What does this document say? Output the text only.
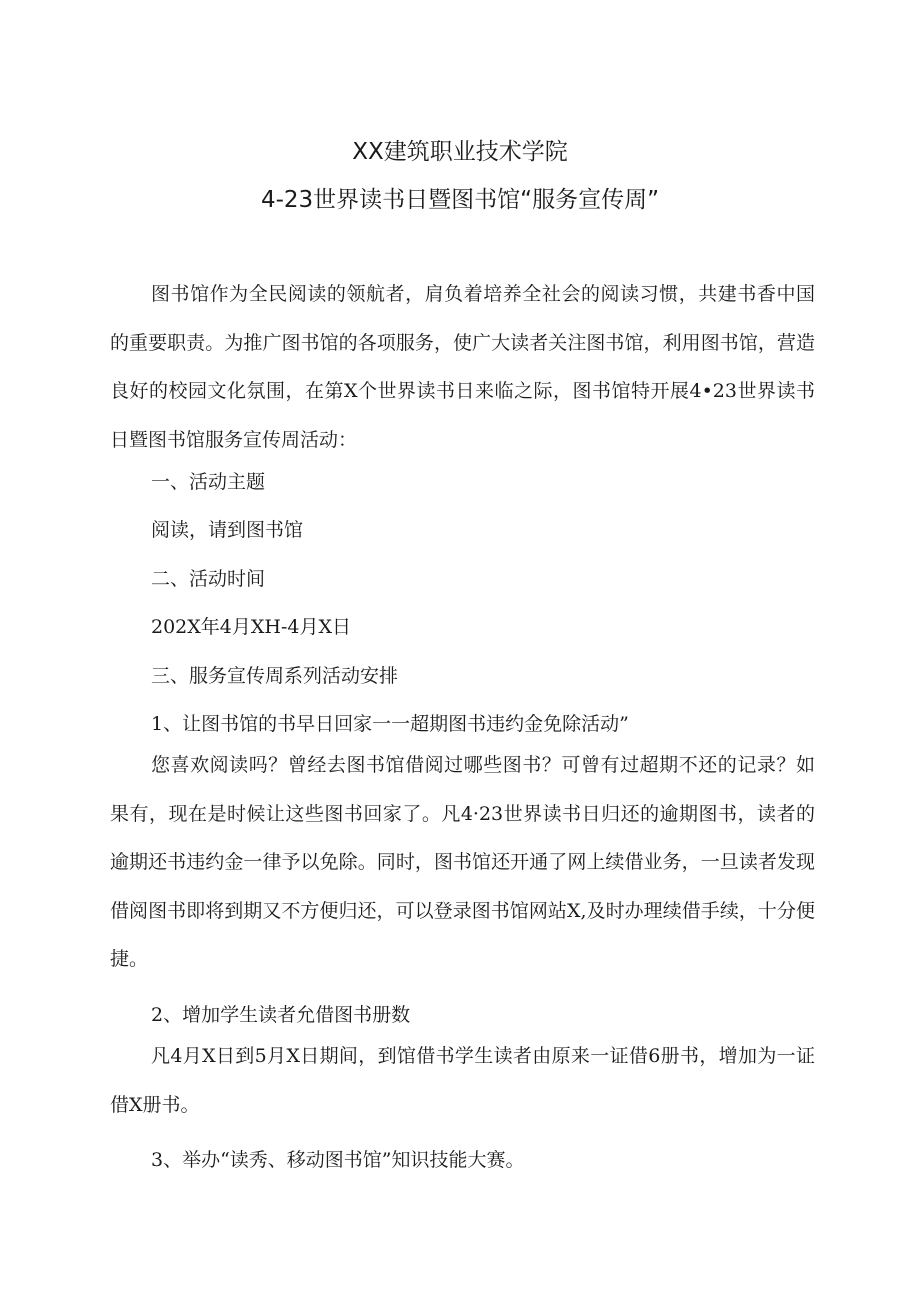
XX建筑职业技术学院
4-23世界读书日暨图书馆“服务宣传周”

图书馆作为全民阅读的领航者，肩负着培养全社会的阅读习惯，共建书香中国的重要职责。为推广图书馆的各项服务，使广大读者关注图书馆，利用图书馆，营造良好的校园文化氛围，在第X个世界读书日来临之际，图书馆特开展4•23世界读书日暨图书馆服务宣传周活动：

一、活动主题
阅读，请到图书馆
二、活动时间
202X年4月XH-4月X日
三、服务宣传周系列活动安排
1、让图书馆的书早日回家一一超期图书违约金免除活动”

您喜欢阅读吗？曾经去图书馆借阅过哪些图书？可曾有过超期不还的记录？如果有，现在是时候让这些图书回家了。凡4·23世界读书日归还的逾期图书，读者的逾期还书违约金一律予以免除。同时，图书馆还开通了网上续借业务，一旦读者发现借阅图书即将到期又不方便归还，可以登录图书馆网站X,及时办理续借手续，十分便捷。

2、增加学生读者允借图书册数

凡4月X日到5月X日期间，到馆借书学生读者由原来一证借6册书，增加为一证借X册书。

3、举办“读秀、移动图书馆”知识技能大赛。
